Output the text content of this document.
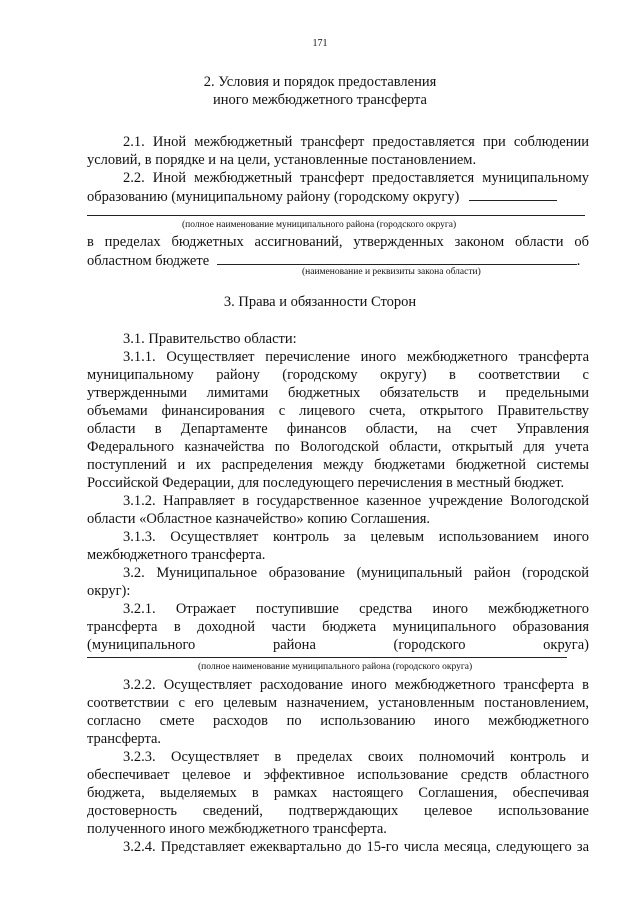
171
2. Условия и порядок предоставления
иного межбюджетного трансферта
2.1. Иной межбюджетный трансферт предоставляется при соблюдении
условий, в порядке и на цели, установленные постановлением.
2.2. Иной межбюджетный трансферт предоставляется муниципальному
образованию (муниципальному району (городскому округу)
(полное наименование муниципального района (городского округа)
в пределах бюджетных ассигнований, утвержденных законом области об
областном бюджете	.
(наименование и реквизиты закона области)
3. Права и обязанности Сторон
3.1. Правительство области:
3.1.1. Осуществляет перечисление иного межбюджетного трансферта
муниципальному району (городскому округу) в соответствии с
утвержденными лимитами бюджетных обязательств и предельными
объемами финансирования с лицевого счета, открытого Правительству
области в Департаменте финансов области, на счет Управления
Федерального казначейства по Вологодской области, открытый для учета
поступлений и их распределения между бюджетами бюджетной системы
Российской Федерации, для последующего перечисления в местный бюджет.
3.1.2. Направляет в государственное казенное учреждение Вологодской
области «Областное казначейство» копию Соглашения.
3.1.3. Осуществляет контроль за целевым использованием иного
межбюджетного трансферта.
3.2. Муниципальное образование (муниципальный район (городской
округ):
3.2.1. Отражает поступившие средства иного межбюджетного
трансферта в доходной части бюджета муниципального образования
(муниципального района (городского округа)
(полное наименование муниципального района (городского округа)
3.2.2. Осуществляет расходование иного межбюджетного трансферта в
соответствии с его целевым назначением, установленным постановлением,
согласно смете расходов по использованию иного межбюджетного
трансферта.
3.2.3. Осуществляет в пределах своих полномочий контроль и
обеспечивает целевое и эффективное использование средств областного
бюджета, выделяемых в рамках настоящего Соглашения, обеспечивая
достоверность сведений, подтверждающих целевое использование
полученного иного межбюджетного трансферта.
3.2.4. Представляет ежеквартально до 15-го числа месяца, следующего за
